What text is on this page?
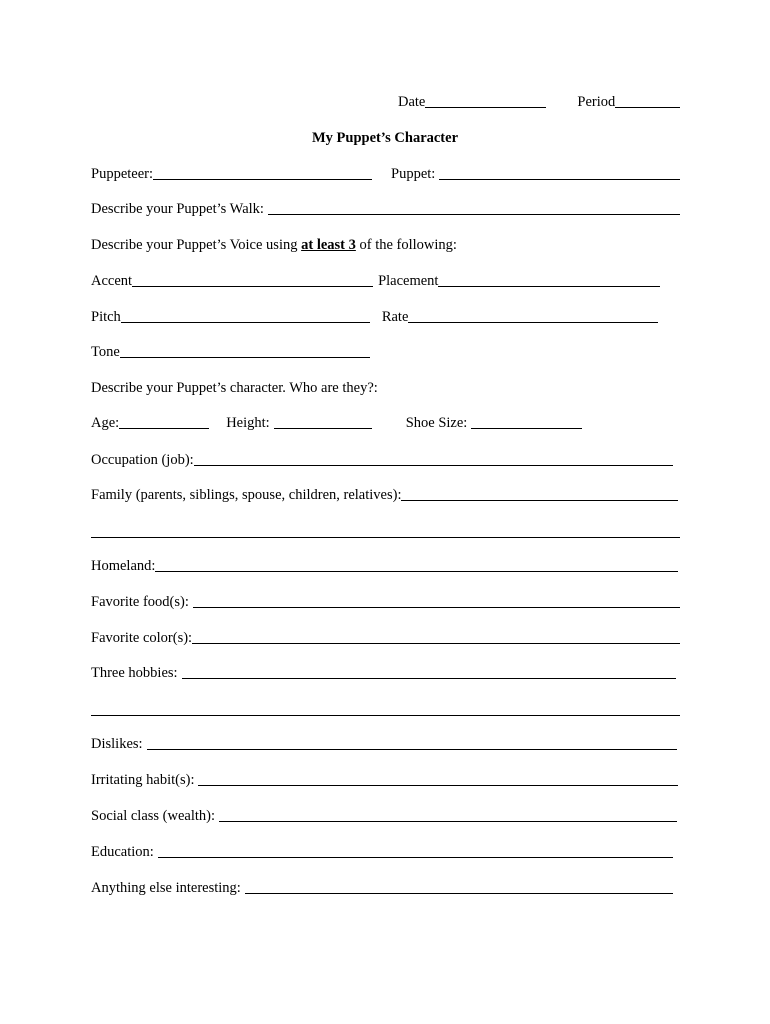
Date	Period
My Puppet’s Character
Puppeteer:	Puppet:
Describe your Puppet’s Walk:
Describe your Puppet’s Voice using at least 3 of the following:
Accent	Placement
Pitch	Rate
Tone
Describe your Puppet’s character. Who are they?:
Age:	Height:	Shoe Size:
Occupation (job):
Family (parents, siblings, spouse, children, relatives):
Homeland:
Favorite food(s):
Favorite color(s):
Three hobbies:
Dislikes:
Irritating habit(s):
Social class (wealth):
Education:
Anything else interesting:
